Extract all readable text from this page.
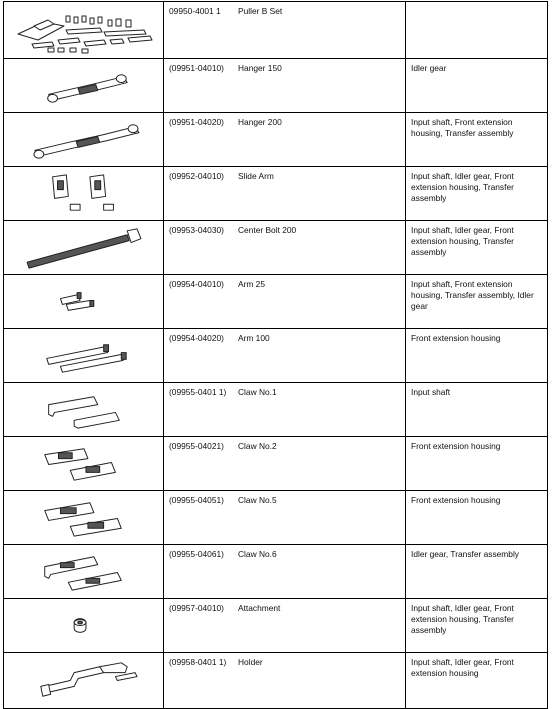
09950-4001 1	Puller B Set
(09951-04010)	Hanger 150	Idler gear
(09951-04020)	Hanger 200	Input shaft, Front extension housing, Transfer assembly
(09952-04010)	Slide Arm	Input shaft, Idler gear, Front extension housing, Transfer assembly
(09953-04030)	Center Bolt 200	Input shaft, Idler gear, Front extension housing, Transfer assembly
(09954-04010)	Arm 25	Input shaft, Front extension housing, Transfer assembly, Idler gear
(09954-04020)	Arm 100	Front extension housing
(09955-0401 1)	Claw No.1	Input shaft
(09955-04021)	Claw No.2	Front extension housing
(09955-04051)	Claw No.5	Front extension housing
(09955-04061)	Claw No.6	Idler gear, Transfer assembly
(09957-04010)	Attachment	Input shaft, Idler gear, Front extension housing, Transfer assembly
(09958-0401 1)	Holder	Input shaft, Idler gear, Front extension housing
